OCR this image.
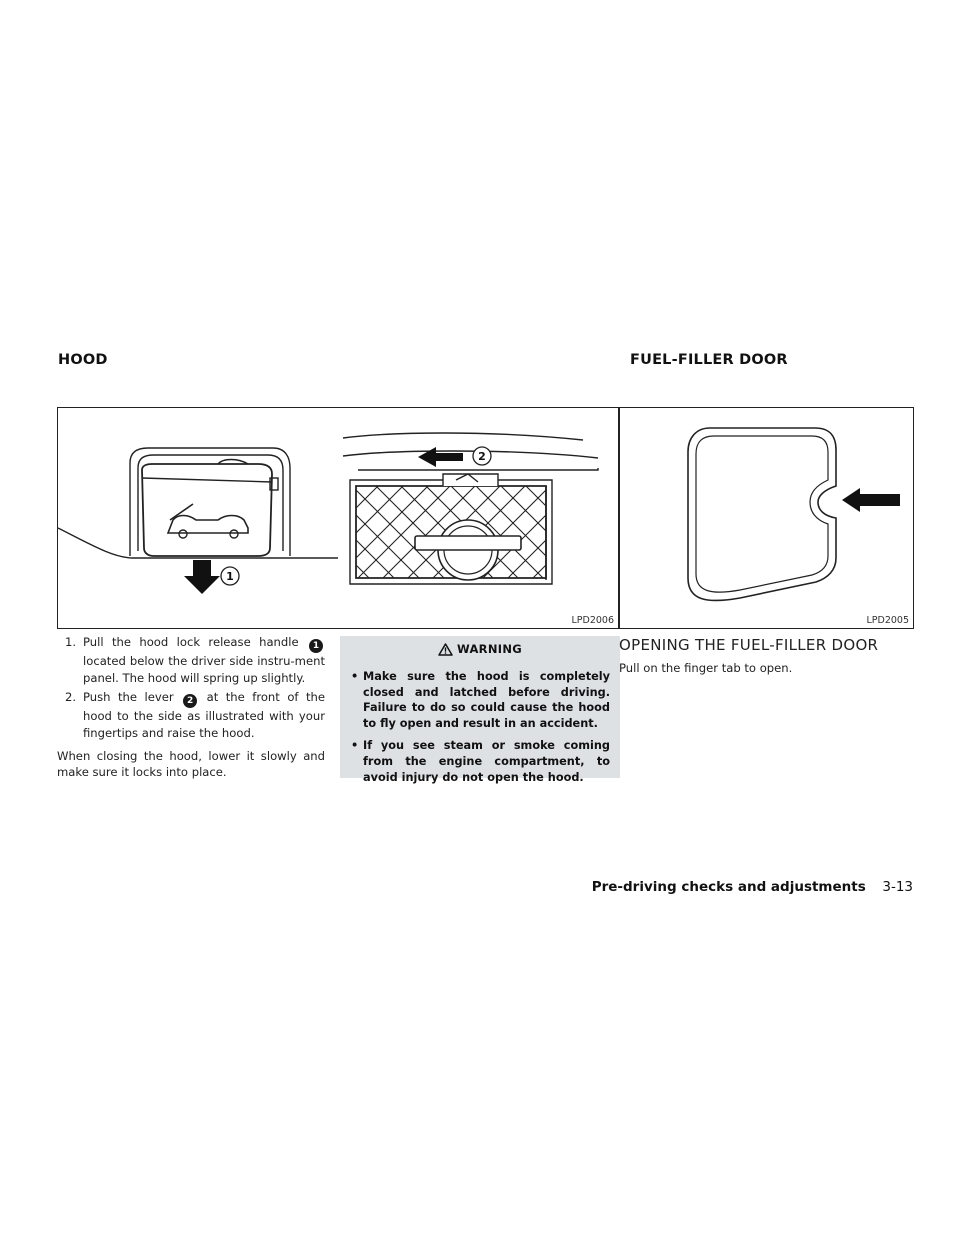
HOOD	FUEL-FILLER DOOR
1
2
LPD2006	LPD2005
1. Pull the hood lock release handle 1 located below the driver side instru-ment panel. The hood will spring up slightly.
2. Push the lever 2 at the front of the hood to the side as illustrated with your fingertips and raise the hood.

When closing the hood, lower it slowly and make sure it locks into place.

WARNING
• Make sure the hood is completely closed and latched before driving. Failure to do so could cause the hood to fly open and result in an accident.
• If you see steam or smoke coming from the engine compartment, to avoid injury do not open the hood.
OPENING THE FUEL-FILLER DOOR
Pull on the finger tab to open.
Pre-driving checks and adjustments 3-13
